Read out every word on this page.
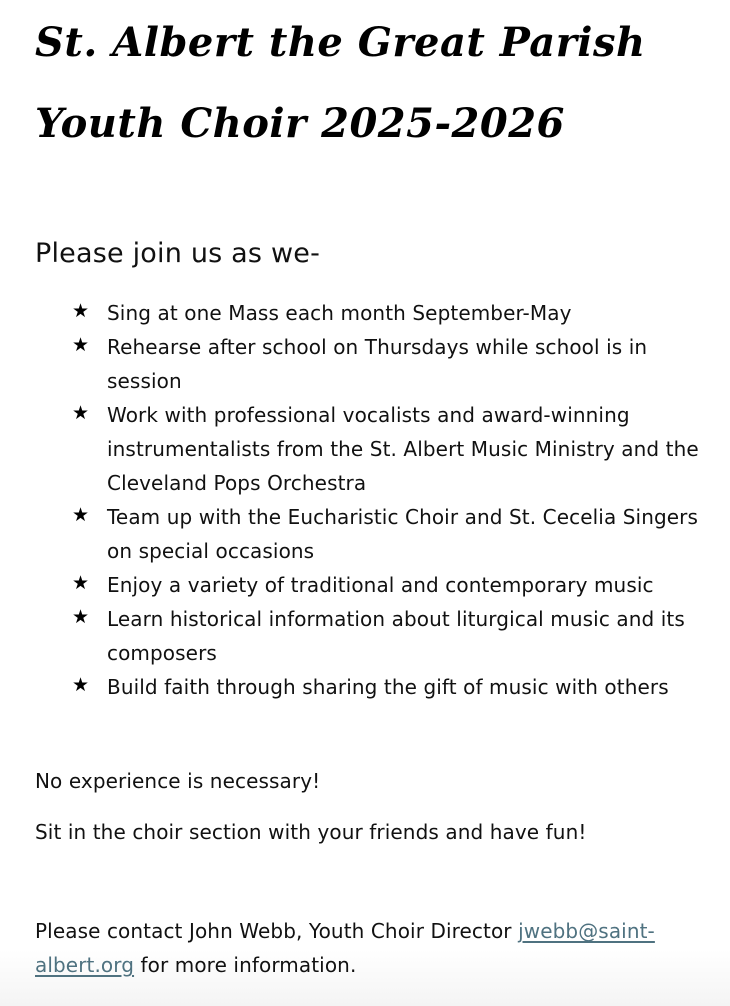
St. Albert the Great Parish
Youth Choir 2025-2026

Please join us as we-

★ Sing at one Mass each month September-May
★ Rehearse after school on Thursdays while school is in session
★ Work with professional vocalists and award-winning instrumentalists from the St. Albert Music Ministry and the Cleveland Pops Orchestra
★ Team up with the Eucharistic Choir and St. Cecelia Singers on special occasions
★ Enjoy a variety of traditional and contemporary music
★ Learn historical information about liturgical music and its composers
★ Build faith through sharing the gift of music with others

No experience is necessary!

Sit in the choir section with your friends and have fun!

Please contact John Webb, Youth Choir Director jwebb@saint-albert.org for more information.
